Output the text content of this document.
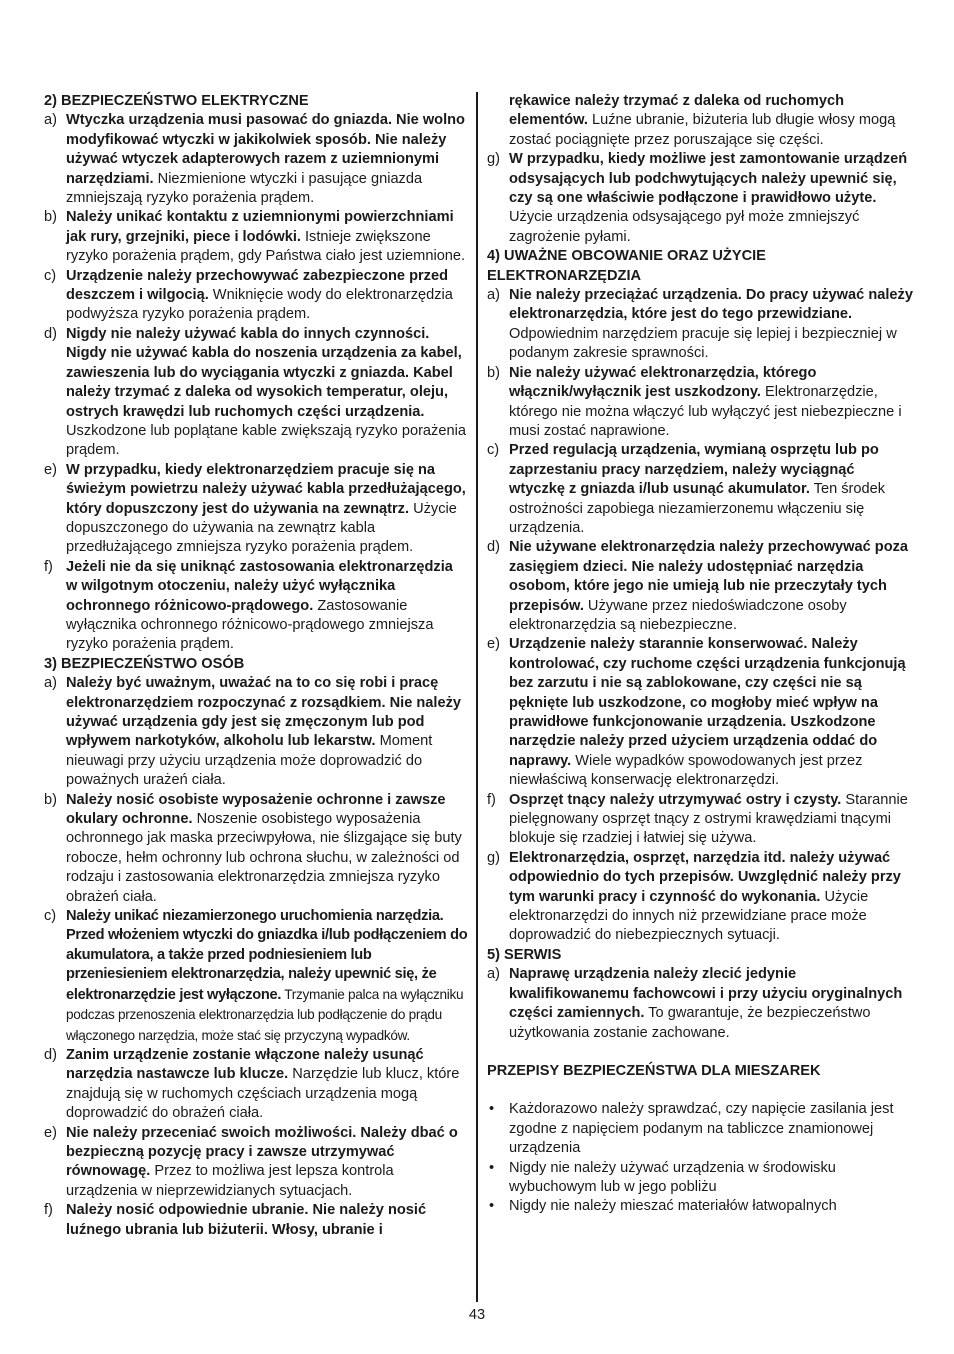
2) BEZPIECZEŃSTWO ELEKTRYCZNE

a) Wtyczka urządzenia musi pasować do gniazda. Nie wolno modyfikować wtyczki w jakikolwiek sposób. Nie należy używać wtyczek adapterowych razem z uziemnionymi narzędziami. Niezmienione wtyczki i pasujące gniazda zmniejszają ryzyko porażenia prądem.

b) Należy unikać kontaktu z uziemnionymi powierzchniami jak rury, grzejniki, piece i lodówki. Istnieje zwiększone ryzyko porażenia prądem, gdy Państwa ciało jest uziemnione.

c) Urządzenie należy przechowywać zabezpieczone przed deszczem i wilgocią. Wniknięcie wody do elektronarzędzia podwyższa ryzyko porażenia prądem.

d) Nigdy nie należy używać kabla do innych czynności. Nigdy nie używać kabla do noszenia urządzenia za kabel, zawieszenia lub do wyciągania wtyczki z gniazda. Kabel należy trzymać z daleka od wysokich temperatur, oleju, ostrych krawędzi lub ruchomych części urządzenia. Uszkodzone lub poplątane kable zwiększają ryzyko porażenia prądem.

e) W przypadku, kiedy elektronarzędziem pracuje się na świeżym powietrzu należy używać kabla przedłużającego, który dopuszczony jest do używania na zewnątrz. Użycie dopuszczonego do używania na zewnątrz kabla przedłużającego zmniejsza ryzyko porażenia prądem.

f) Jeżeli nie da się uniknąć zastosowania elektronarzędzia w wilgotnym otoczeniu, należy użyć wyłącznika ochronnego różnicowo-prądowego. Zastosowanie wyłącznika ochronnego różnicowo-prądowego zmniejsza ryzyko porażenia prądem.

3) BEZPIECZEŃSTWO OSÓB

a) Należy być uważnym, uważać na to co się robi i pracę elektronarzędziem rozpoczynać z rozsądkiem. Nie należy używać urządzenia gdy jest się zmęczonym lub pod wpływem narkotyków, alkoholu lub lekarstw. Moment nieuwagi przy użyciu urządzenia może doprowadzić do poważnych urażeń ciała.

b) Należy nosić osobiste wyposażenie ochronne i zawsze okulary ochronne. Noszenie osobistego wyposażenia ochronnego jak maska przeciwpyłowa, nie ślizgające się buty robocze, hełm ochronny lub ochrona słuchu, w zależności od rodzaju i zastosowania elektronarzędzia zmniejsza ryzyko obrażeń ciała.

c) Należy unikać niezamierzonego uruchomienia narzędzia. Przed włożeniem wtyczki do gniazdka i/lub podłączeniem do akumulatora, a także przed podniesieniem lub przeniesieniem elektronarzędzia, należy upewnić się, że elektronarzędzie jest wyłączone. Trzymanie palca na wyłączniku podczas przenoszenia elektronarzędzia lub podłączenie do prądu włączonego narzędzia, może stać się przyczyną wypadków.

d) Zanim urządzenie zostanie włączone należy usunąć narzędzia nastawcze lub klucze. Narzędzie lub klucz, które znajdują się w ruchomych częściach urządzenia mogą doprowadzić do obrażeń ciała.

e) Nie należy przeceniać swoich możliwości. Należy dbać o bezpieczną pozycję pracy i zawsze utrzymywać równowagę. Przez to możliwa jest lepsza kontrola urządzenia w nieprzewidzianych sytuacjach.

f) Należy nosić odpowiednie ubranie. Nie należy nosić luźnego ubrania lub biżuterii. Włosy, ubranie i

rękawice należy trzymać z daleka od ruchomych elementów. Luźne ubranie, biżuteria lub długie włosy mogą zostać pociągnięte przez poruszające się części.

g) W przypadku, kiedy możliwe jest zamontowanie urządzeń odsysających lub podchwytujących należy upewnić się, czy są one właściwie podłączone i prawidłowo użyte. Użycie urządzenia odsysającego pył może zmniejszyć zagrożenie pyłami.

4) UWAŻNE OBCOWANIE ORAZ UŻYCIE
ELEKTRONARZĘDZIA

a) Nie należy przeciążać urządzenia. Do pracy używać należy elektronarzędzia, które jest do tego przewidziane. Odpowiednim narzędziem pracuje się lepiej i bezpieczniej w podanym zakresie sprawności.

b) Nie należy używać elektronarzędzia, którego włącznik/wyłącznik jest uszkodzony. Elektronarzędzie, którego nie można włączyć lub wyłączyć jest niebezpieczne i musi zostać naprawione.

c) Przed regulacją urządzenia, wymianą osprzętu lub po zaprzestaniu pracy narzędziem, należy wyciągnąć wtyczkę z gniazda i/lub usunąć akumulator. Ten środek ostrożności zapobiega niezamierzonemu włączeniu się urządzenia.

d) Nie używane elektronarzędzia należy przechowywać poza zasięgiem dzieci. Nie należy udostępniać narzędzia osobom, które jego nie umieją lub nie przeczytały tych przepisów. Używane przez niedoświadczone osoby elektronarzędzia są niebezpieczne.

e) Urządzenie należy starannie konserwować. Należy kontrolować, czy ruchome części urządzenia funkcjonują bez zarzutu i nie są zablokowane, czy części nie są pęknięte lub uszkodzone, co mogłoby mieć wpływ na prawidłowe funkcjonowanie urządzenia. Uszkodzone narzędzie należy przed użyciem urządzenia oddać do naprawy. Wiele wypadków spowodowanych jest przez niewłaściwą konserwację elektronarzędzi.

f) Osprzęt tnący należy utrzymywać ostry i czysty. Starannie pielęgnowany osprzęt tnący z ostrymi krawędziami tnącymi blokuje się rzadziej i łatwiej się używa.

g) Elektronarzędzia, osprzęt, narzędzia itd. należy używać odpowiednio do tych przepisów. Uwzględnić należy przy tym warunki pracy i czynność do wykonania. Użycie elektronarzędzi do innych niż przewidziane prace może doprowadzić do niebezpiecznych sytuacji.

5) SERWIS

a) Naprawę urządzenia należy zlecić jedynie kwalifikowanemu fachowcowi i przy użyciu oryginalnych części zamiennych. To gwarantuje, że bezpieczeństwo użytkowania zostanie zachowane.

PRZEPISY BEZPIECZEŃSTWA DLA MIESZAREK

• Każdorazowo należy sprawdzać, czy napięcie zasilania jest zgodne z napięciem podanym na tabliczce znamionowej urządzenia

• Nigdy nie należy używać urządzenia w środowisku wybuchowym lub w jego pobliżu

• Nigdy nie należy mieszać materiałów łatwopalnych

43
